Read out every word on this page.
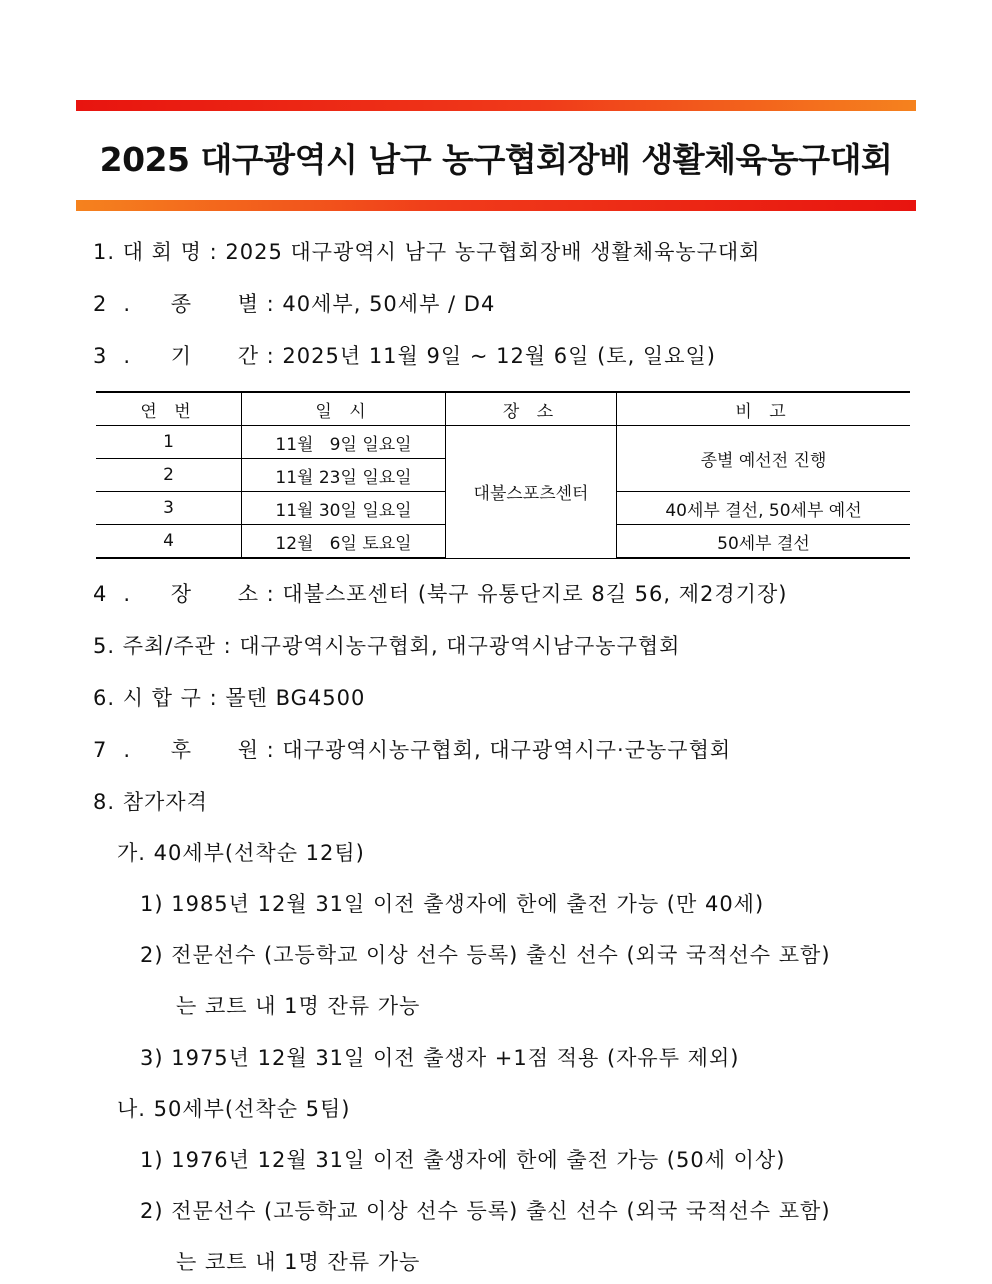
2025 대구광역시 남구 농구협회장배 생활체육농구대회
1. 대 회 명 : 2025 대구광역시 남구 농구협회장배 생활체육농구대회
2. 종 별 : 40세부, 50세부 / D4
3. 기 간 : 2025년 11월 9일 ~ 12월 6일 (토, 일요일)
연 번	일 시	장 소	비 고
1	11월   9일 일요일	대불스포츠센터	종별 예선전 진행
2	11월 23일 일요일		
3	11월 30일 일요일		40세부 결선, 50세부 예선
4	12월   6일 토요일		50세부 결선
4. 장 소 : 대불스포센터 (북구 유통단지로 8길 56, 제2경기장)
5. 주최/주관 : 대구광역시농구협회, 대구광역시남구농구협회
6. 시 합 구 : 몰텐 BG4500
7. 후 원 : 대구광역시농구협회, 대구광역시구·군농구협회
8. 참가자격
가. 40세부(선착순 12팀)
1) 1985년 12월 31일 이전 출생자에 한에 출전 가능 (만 40세)
2) 전문선수 (고등학교 이상 선수 등록) 출신 선수 (외국 국적선수 포함)
는 코트 내 1명 잔류 가능
3) 1975년 12월 31일 이전 출생자 +1점 적용 (자유투 제외)
나. 50세부(선착순 5팀)
1) 1976년 12월 31일 이전 출생자에 한에 출전 가능 (50세 이상)
2) 전문선수 (고등학교 이상 선수 등록) 출신 선수 (외국 국적선수 포함)
는 코트 내 1명 잔류 가능
